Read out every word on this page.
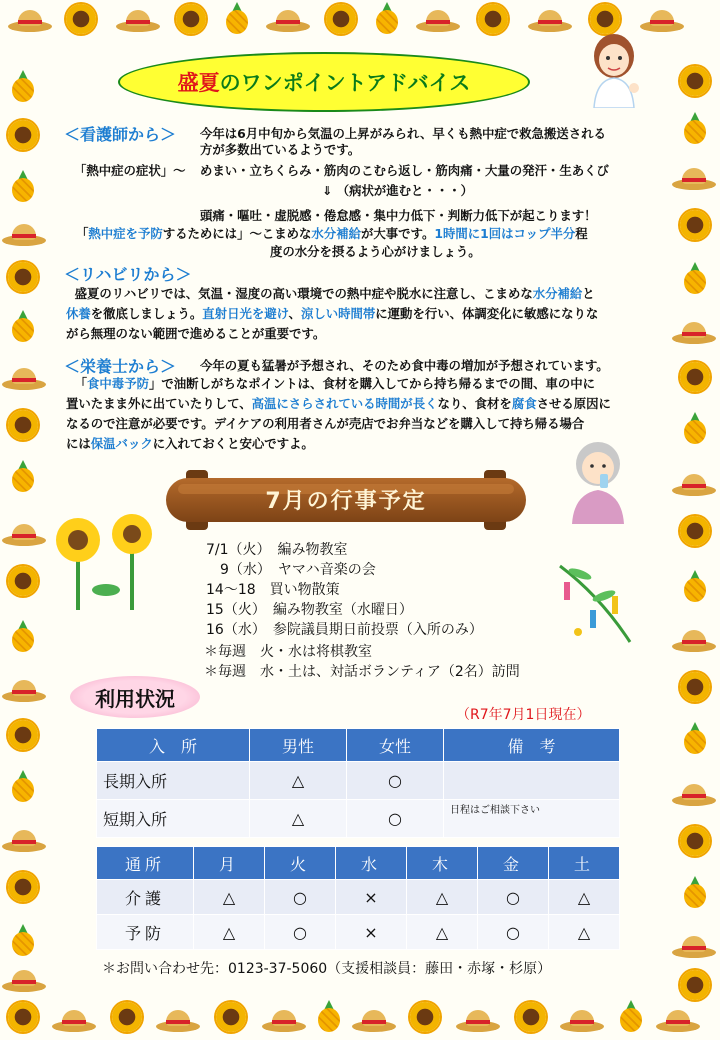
盛夏 のワンポイントアドバイス
＜看護師から＞ 今年は6月中旬から気温の上昇がみられ、早くも熱中症で救急搬送される
方が多数出ているようです。
「熱中症の症状」〜 めまい・立ちくらみ・筋肉のこむら返し・筋肉痛・大量の発汗・生あくび
⇓ （病状が進むと・・・）
頭痛・嘔吐・虚脱感・倦怠感・集中力低下・判断力低下が起こります！
「熱中症を予防するためには」〜こまめな水分補給が大事です。1時間に1回はコップ半分程
度の水分を摂るよう心がけましょう。
＜リハビリから＞
盛夏のリハビリでは、気温・湿度の高い環境での熱中症や脱水に注意し、こまめな水分補給と
休養を徹底しましょう。直射日光を避け、涼しい時間帯に運動を行い、体調変化に敏感になりな
がら無理のない範囲で進めることが重要です。
＜栄養士から＞ 今年の夏も猛暑が予想され、そのため食中毒の増加が予想されています。
「食中毒予防」で油断しがちなポイントは、食材を購入してから持ち帰るまでの間、車の中に
置いたまま外に出ていたりして、高温にさらされている時間が長くなり、食材を腐食させる原因に
なるので注意が必要です。デイケアの利用者さんが売店でお弁当などを購入して持ち帰る場合
には保温バックに入れておくと安心ですよ。
7月の行事予定
7/1（火）　編み物教室
　9（水）　ヤマハ音楽の会
14〜18　買い物散策
15（火）　編み物教室（水曜日）
16（水）　参院議員期日前投票（入所のみ）
＊毎週　火・水は将棋教室
＊毎週　水・土は、対話ボランティア（2名）訪問
利用状況
（R7年7月1日現在）
入　所	男性	女性	備　考
長期入所	△	○	
短期入所	△	○	日程はご相談下さい
通所	月	火	水	木	金	土
介護	△	○	×	△	○	△
予防	△	○	×	△	○	△
＊お問い合わせ先：0123-37-5060（支援相談員：藤田・赤塚・杉原）
